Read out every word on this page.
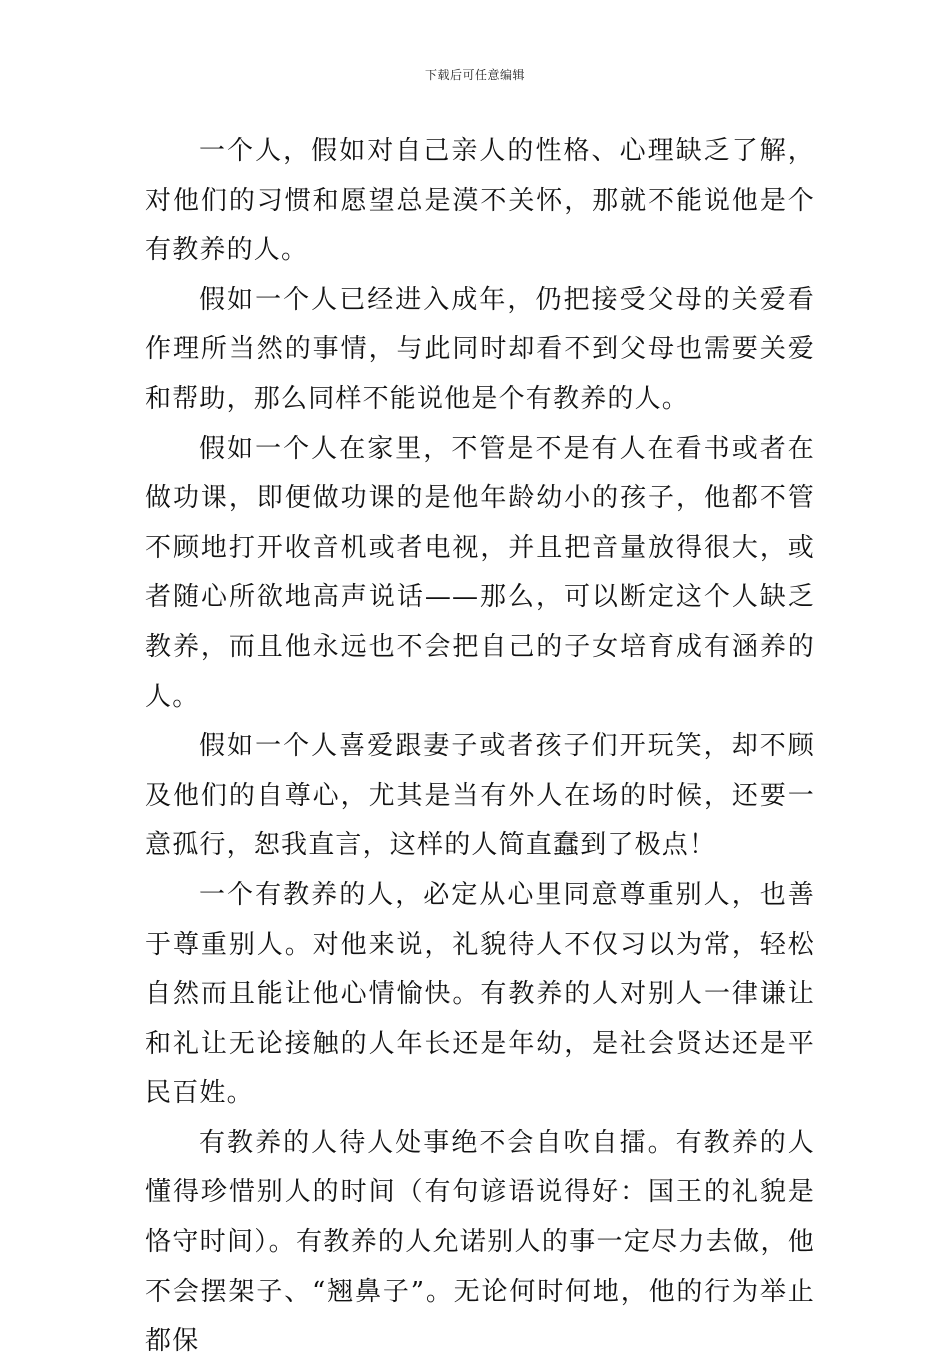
下载后可任意编辑

一个人，假如对自己亲人的性格、心理缺乏了解，对他们的习惯和愿望总是漠不关怀，那就不能说他是个有教养的人。

假如一个人已经进入成年，仍把接受父母的关爱看作理所当然的事情，与此同时却看不到父母也需要关爱和帮助，那么同样不能说他是个有教养的人。

假如一个人在家里，不管是不是有人在看书或者在做功课，即便做功课的是他年龄幼小的孩子，他都不管不顾地打开收音机或者电视，并且把音量放得很大，或者随心所欲地高声说话——那么，可以断定这个人缺乏教养，而且他永远也不会把自己的子女培育成有涵养的人。

假如一个人喜爱跟妻子或者孩子们开玩笑，却不顾及他们的自尊心，尤其是当有外人在场的时候，还要一意孤行，恕我直言，这样的人简直蠢到了极点！

一个有教养的人，必定从心里同意尊重别人，也善于尊重别人。对他来说，礼貌待人不仅习以为常，轻松自然而且能让他心情愉快。有教养的人对别人一律谦让和礼让无论接触的人年长还是年幼，是社会贤达还是平民百姓。

有教养的人待人处事绝不会自吹自擂。有教养的人懂得珍惜别人的时间（有句谚语说得好：国王的礼貌是恪守时间）。有教养的人允诺别人的事一定尽力去做，他不会摆架子、“翘鼻子”。无论何时何地，他的行为举止都保
